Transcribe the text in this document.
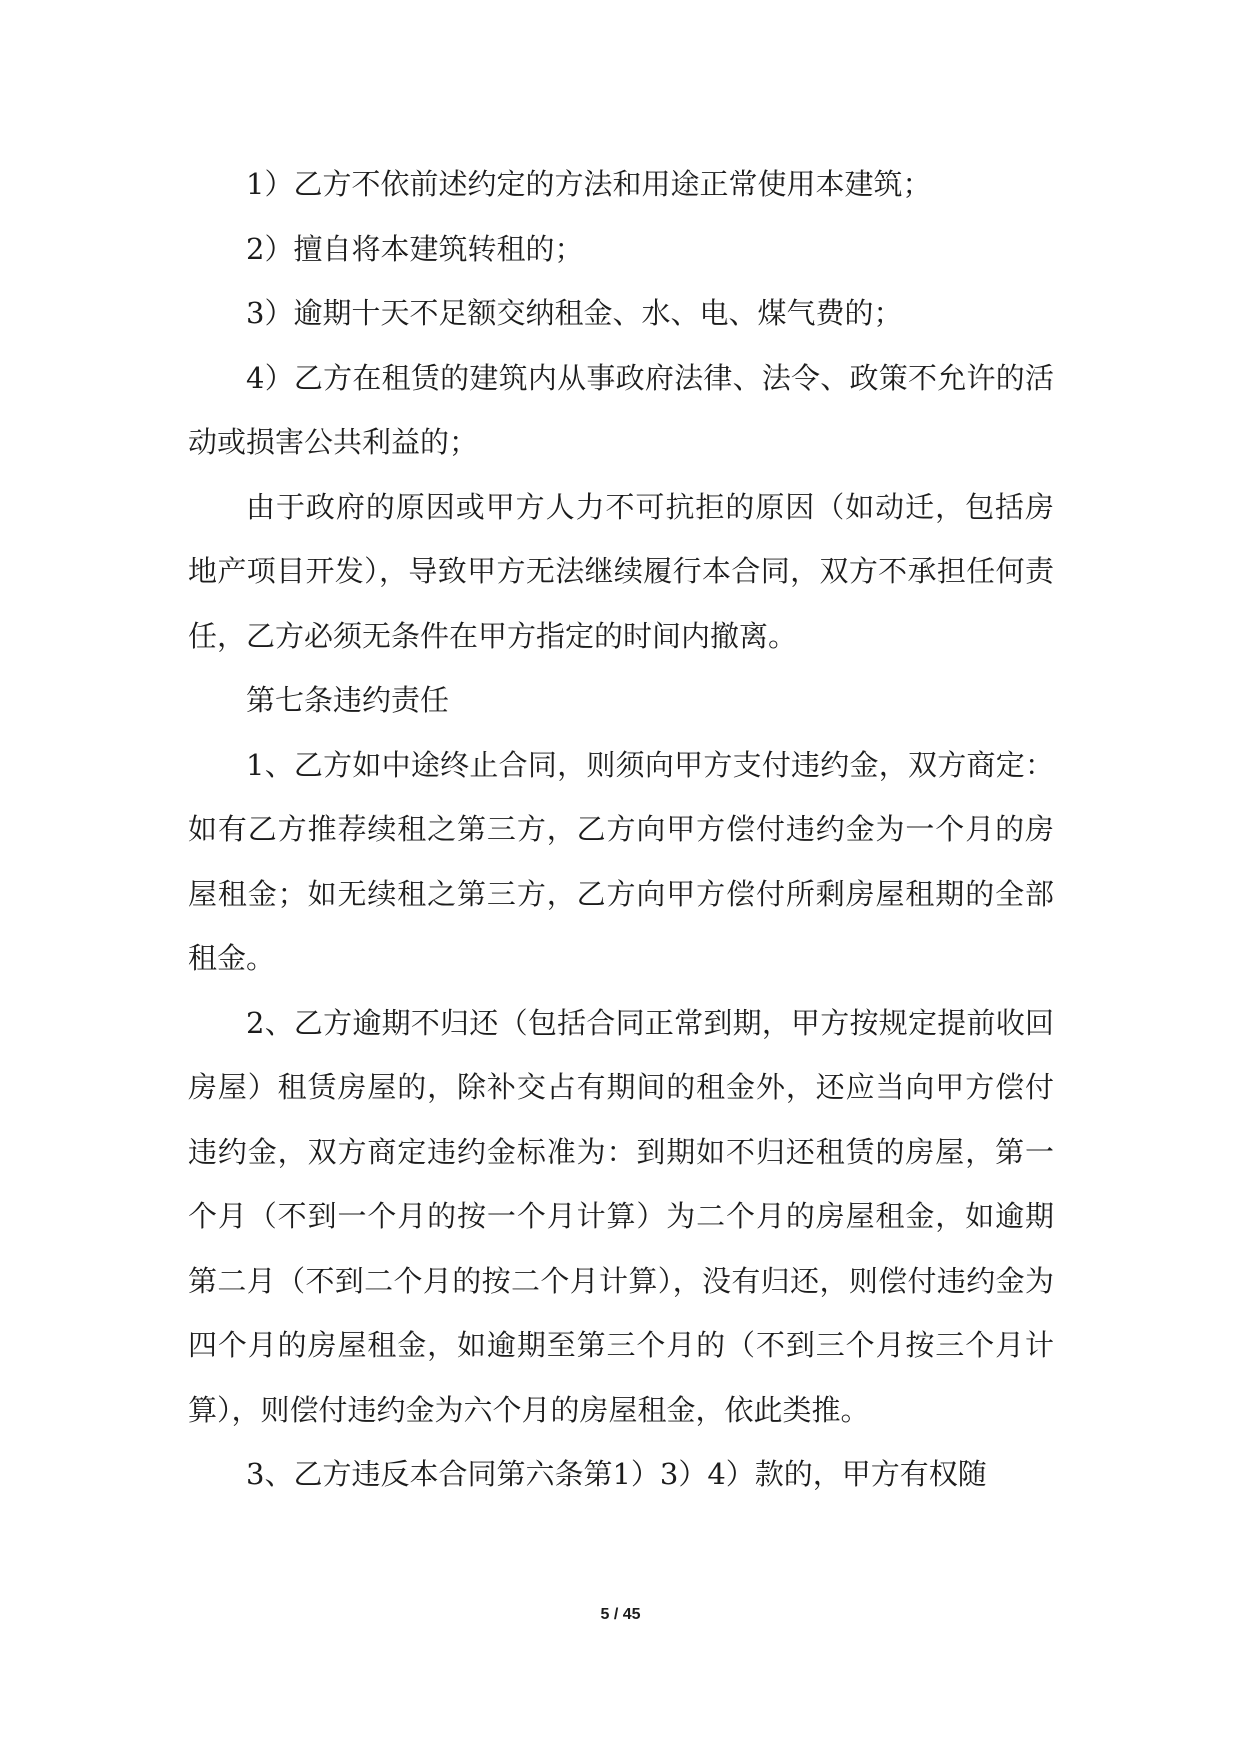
1）乙方不依前述约定的方法和用途正常使用本建筑；

2）擅自将本建筑转租的；

3）逾期十天不足额交纳租金、水、电、煤气费的；

4）乙方在租赁的建筑内从事政府法律、法令、政策不允许的活动或损害公共利益的；

由于政府的原因或甲方人力不可抗拒的原因（如动迁，包括房地产项目开发），导致甲方无法继续履行本合同，双方不承担任何责任，乙方必须无条件在甲方指定的时间内撤离。

第七条违约责任

1、乙方如中途终止合同，则须向甲方支付违约金，双方商定：如有乙方推荐续租之第三方，乙方向甲方偿付违约金为一个月的房屋租金；如无续租之第三方，乙方向甲方偿付所剩房屋租期的全部租金。

2、乙方逾期不归还（包括合同正常到期，甲方按规定提前收回房屋）租赁房屋的，除补交占有期间的租金外，还应当向甲方偿付违约金，双方商定违约金标准为：到期如不归还租赁的房屋，第一个月（不到一个月的按一个月计算）为二个月的房屋租金，如逾期第二月（不到二个月的按二个月计算），没有归还，则偿付违约金为四个月的房屋租金，如逾期至第三个月的（不到三个月按三个月计算），则偿付违约金为六个月的房屋租金，依此类推。

3、乙方违反本合同第六条第1）3）4）款的，甲方有权随

5 / 45
